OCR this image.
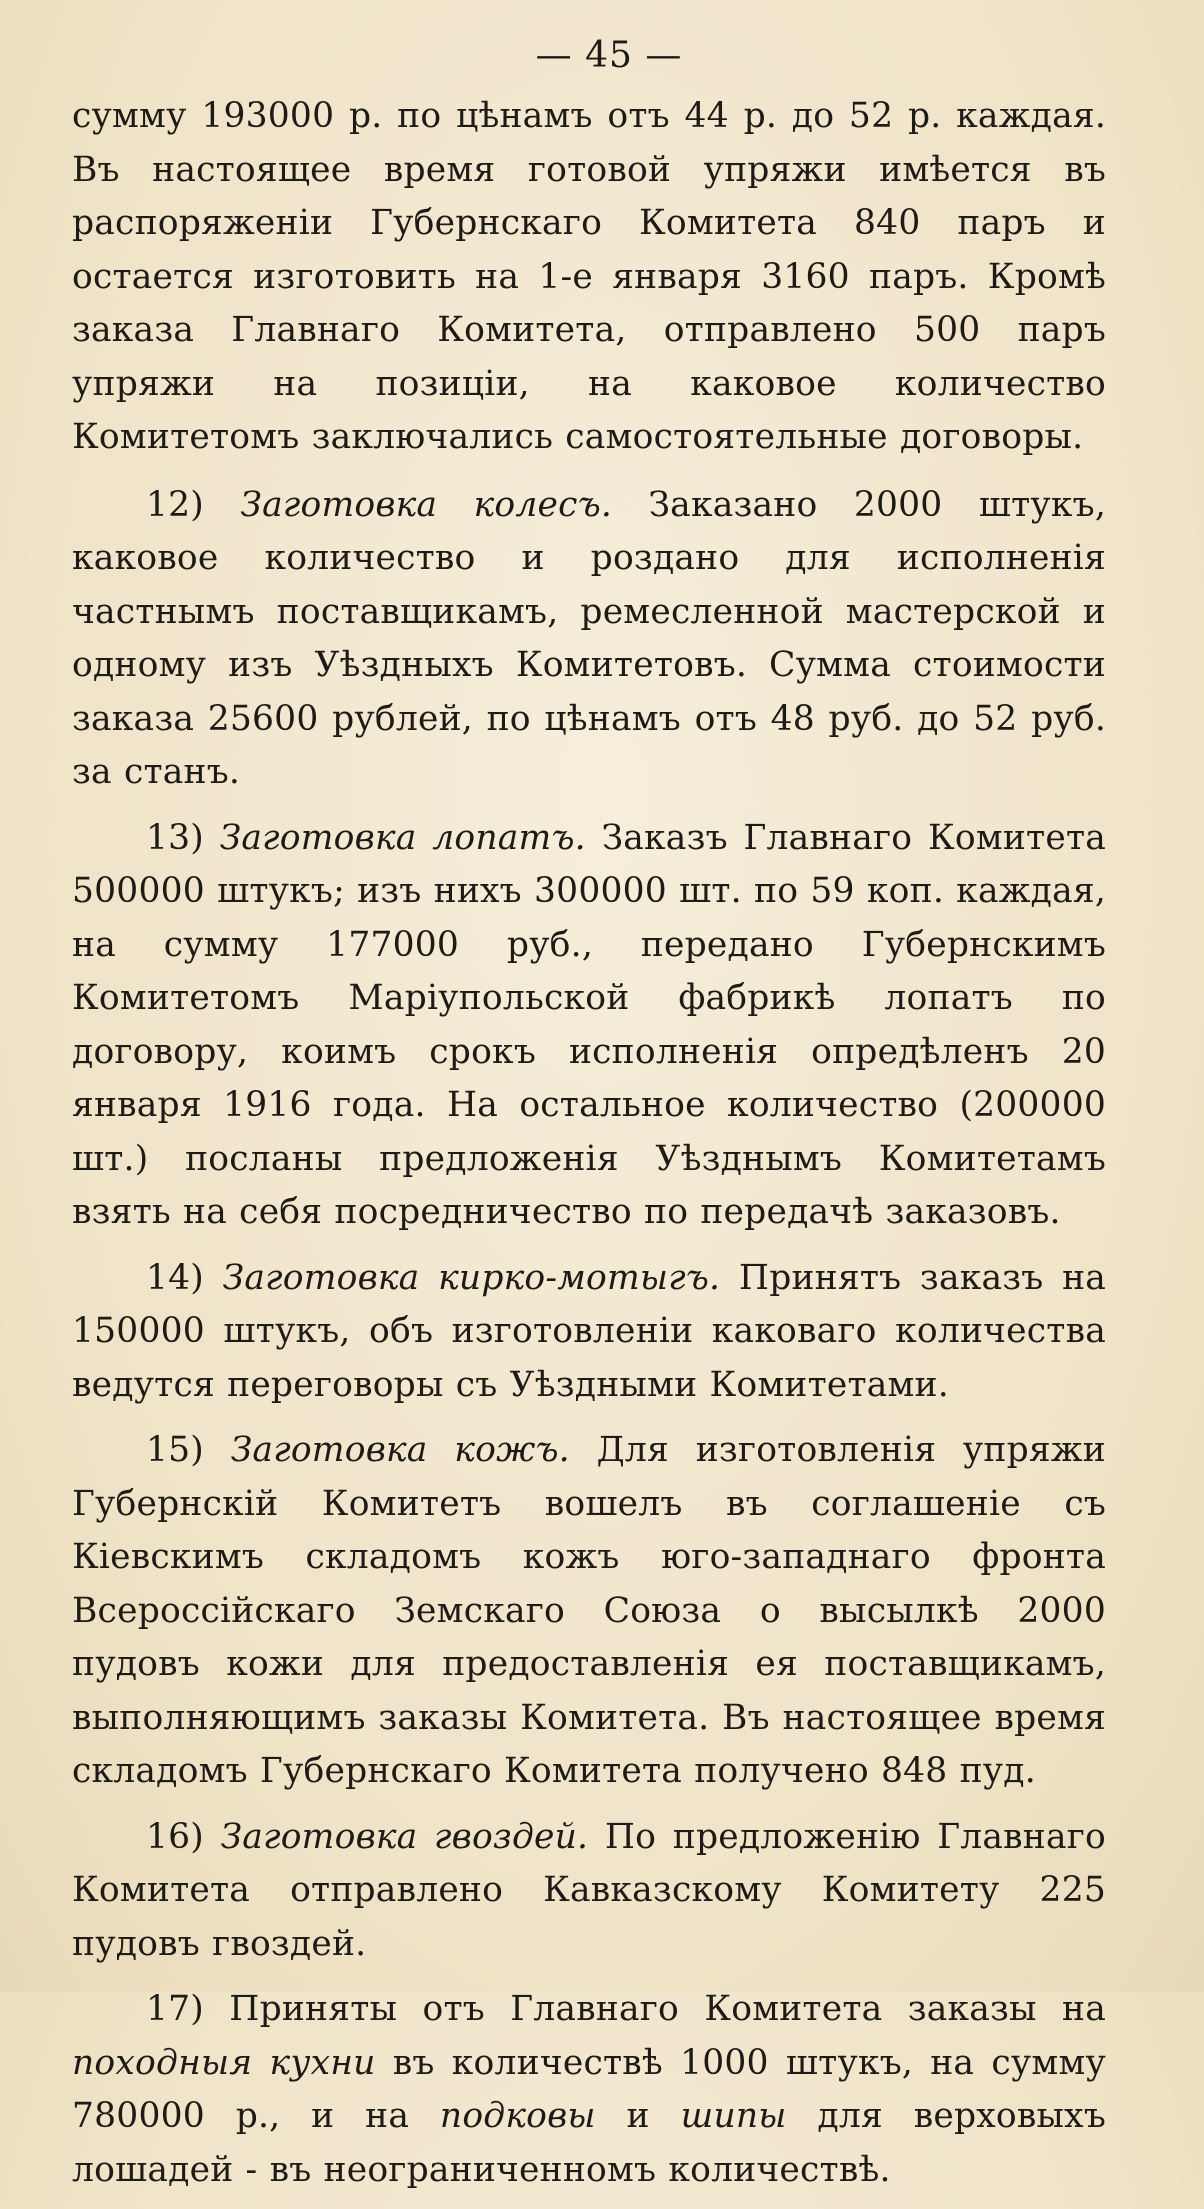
— 45 —

сумму 193000 р. по цѣнамъ отъ 44 р. до 52 р. каждая. Въ настоящее время готовой упряжи имѣется въ распоряженіи Губернскаго Комитета 840 паръ и остается изготовить на 1-е января 3160 паръ. Кромѣ заказа Главнаго Комитета, отправлено 500 паръ упряжи на позиціи, на каковое количество Комитетомъ заключались самостоятельные договоры.

12) Заготовка колесъ. Заказано 2000 штукъ, каковое количество и роздано для исполненія частнымъ поставщикамъ, ремесленной мастерской и одному изъ Уѣздныхъ Комитетовъ. Сумма стоимости заказа 25600 рублей, по цѣнамъ отъ 48 руб. до 52 руб. за станъ.

13) Заготовка лопатъ. Заказъ Главнаго Комитета 500000 штукъ; изъ нихъ 300000 шт. по 59 коп. каждая, на сумму 177000 руб., передано Губернскимъ Комитетомъ Маріупольской фабрикѣ лопатъ по договору, коимъ срокъ исполненія опредѣленъ 20 января 1916 года. На остальное количество (200000 шт.) посланы предложенія Уѣзднымъ Комитетамъ взять на себя посредничество по передачѣ заказовъ.

14) Заготовка кирко-мотыгъ. Принятъ заказъ на 150000 штукъ, объ изготовленіи каковаго количества ведутся переговоры съ Уѣздными Комитетами.

15) Заготовка кожъ. Для изготовленія упряжи Губернскій Комитетъ вошелъ въ соглашеніе съ Кіевскимъ складомъ кожъ юго-западнаго фронта Всероссійскаго Земскаго Союза о высылкѣ 2000 пудовъ кожи для предоставленія ея поставщикамъ, выполняющимъ заказы Комитета. Въ настоящее время складомъ Губернскаго Комитета получено 848 пуд.

16) Заготовка гвоздей. По предложенію Главнаго Комитета отправлено Кавказскому Комитету 225 пудовъ гвоздей.

17) Приняты отъ Главнаго Комитета заказы на походныя кухни въ количествѣ 1000 штукъ, на сумму 780000 р., и на подковы и шипы для верховыхъ лошадей - въ неограниченномъ количествѣ.
